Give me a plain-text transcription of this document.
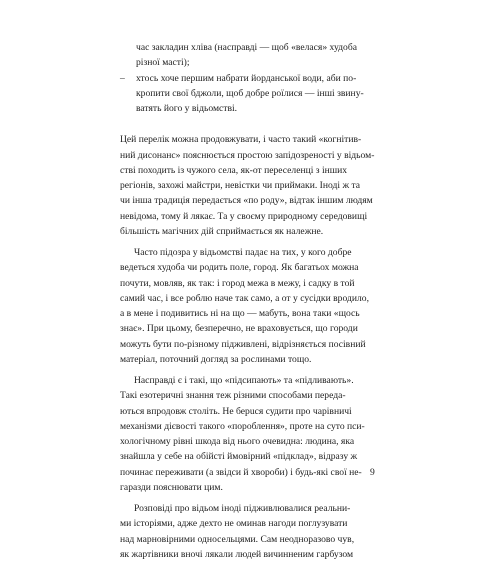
час закладин хліва (насправді — щоб «велася» худоба
різної масті);
– хтось хоче першим набрати йорданської води, аби по-
кропити свої бджоли, щоб добре роїлися — інші звину-
ватять його у відьомстві.
Цей перелік можна продовжувати, і часто такий «когнітив-
ний дисонанс» пояснюється простою запідозреності у відьом-
стві походить із чужого села, як-от переселенці з інших
регіонів, захожі майстри, невістки чи приймаки. Іноді ж та
чи інша традиція передається «по роду», відтак іншим людям
невідома, тому й лякає. Та у своєму природному середовищі
більшість магічних дій сприймається як належне.
Часто підозра у відьомстві падає на тих, у кого добре
ведеться худоба чи родить поле, город. Як багатьох можна
почути, мовляв, як так: і город межа в межу, і садку в той
самий час, і все роблю наче так само, а от у сусідки вродило,
а в мене і подивитись ні на що — мабуть, вона таки «щось
знає». При цьому, безперечно, не враховується, що городи
можуть бути по-різному підживлені, відрізняється посівний
матеріал, поточний догляд за рослинами тощо.
Насправді є і такі, що «підсипають» та «підливають».
Такі езотеричні знання теж різними способами переда-
ються впродовж століть. Не берuся судити про чарівничі
механізми дієвості такого «пороблення», проте на суто пси-
хологічному рівні шкода від нього очевидна: людина, яка
знайшла у себе на обійсті ймовірний «підклад», відразу ж
починає переживати (а звідси й хвороби) і будь-які свої не-
гаразди пояснювати цим.
Розповіді про відьом іноді підживлювалися реальни-
ми історіями, адже дехто не оминав нагоди поглузувати
над марновірними односельцями. Сам неодноразово чув,
як жартівники вночі лякали людей вичинненим гарбузом
9
